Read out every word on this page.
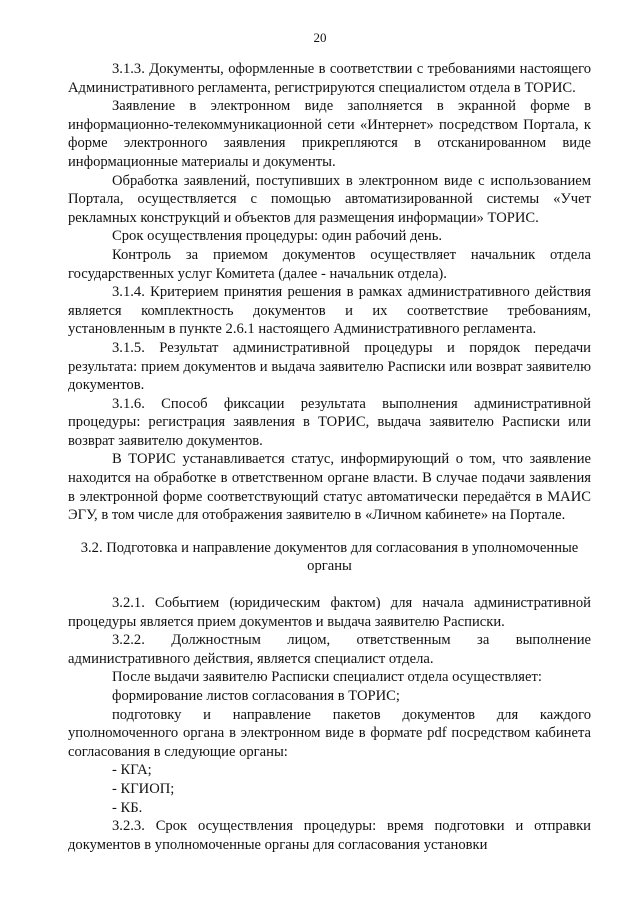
20

3.1.3. Документы, оформленные в соответствии с требованиями настоящего Административного регламента, регистрируются специалистом отдела в ТОРИС.

Заявление в электронном виде заполняется в экранной форме в информационно-телекоммуникационной сети «Интернет» посредством Портала, к форме электронного заявления прикрепляются в отсканированном виде информационные материалы и документы.

Обработка заявлений, поступивших в электронном виде с использованием Портала, осуществляется с помощью автоматизированной системы «Учет рекламных конструкций и объектов для размещения информации» ТОРИС.

Срок осуществления процедуры: один рабочий день.

Контроль за приемом документов осуществляет начальник отдела государственных услуг Комитета (далее - начальник отдела).

3.1.4. Критерием принятия решения в рамках административного действия является комплектность документов и их соответствие требованиям, установленным в пункте 2.6.1 настоящего Административного регламента.

3.1.5. Результат административной процедуры и порядок передачи результата: прием документов и выдача заявителю Расписки или возврат заявителю документов.

3.1.6. Способ фиксации результата выполнения административной процедуры: регистрация заявления в ТОРИС, выдача заявителю Расписки или возврат заявителю документов.

В ТОРИС устанавливается статус, информирующий о том, что заявление находится на обработке в ответственном органе власти. В случае подачи заявления в электронной форме соответствующий статус автоматически передаётся в МАИС ЭГУ, в том числе для отображения заявителю в «Личном кабинете» на Портале.

3.2. Подготовка и направление документов для согласования в уполномоченные органы

3.2.1. Событием (юридическим фактом) для начала административной процедуры является прием документов и выдача заявителю Расписки.

3.2.2. Должностным лицом, ответственным за выполнение административного действия, является специалист отдела.

После выдачи заявителю Расписки специалист отдела осуществляет:

формирование листов согласования в ТОРИС;

подготовку и направление пакетов документов для каждого уполномоченного органа в электронном виде в формате pdf посредством кабинета согласования в следующие органы:

- КГА;

- КГИОП;

- КБ.

3.2.3. Срок осуществления процедуры: время подготовки и отправки документов в уполномоченные органы для согласования установки
